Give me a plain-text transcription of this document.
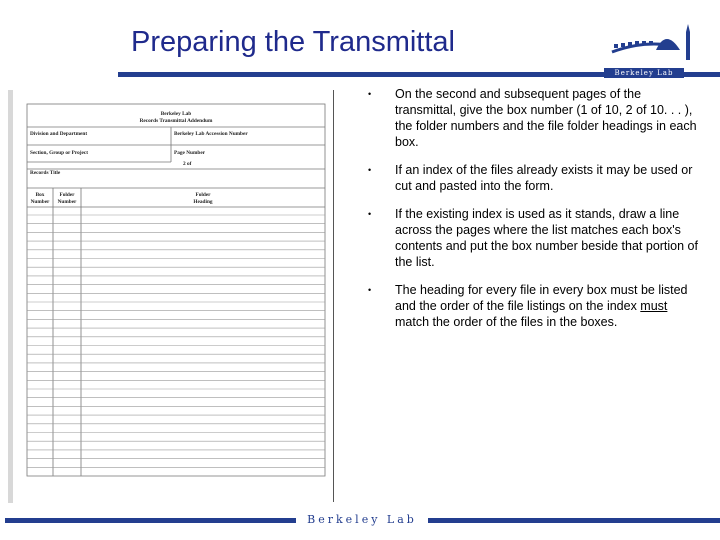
Preparing the Transmittal
Berkeley Lab
Berkeley Lab
Records Transmittal Addendum
Division and Department	Berkeley Lab Accession Number
Section, Group or Project	Page Number
2 of
Records Title
Box
Number
Folder
Number
Folder
Heading
• On the second and subsequent pages of the transmittal, give the box number (1 of 10, 2 of 10. . . ), the folder numbers and the file folder headings in each box.
• If an index of the files already exists it may be used or cut and pasted into the form.
• If the existing index is used as it stands, draw a line across the pages where the list matches each box's contents and put the box number beside that portion of the list.
• The heading for every file in every box must be listed and the order of the file listings on the index must match the order of the files in the boxes.
Berkeley Lab
